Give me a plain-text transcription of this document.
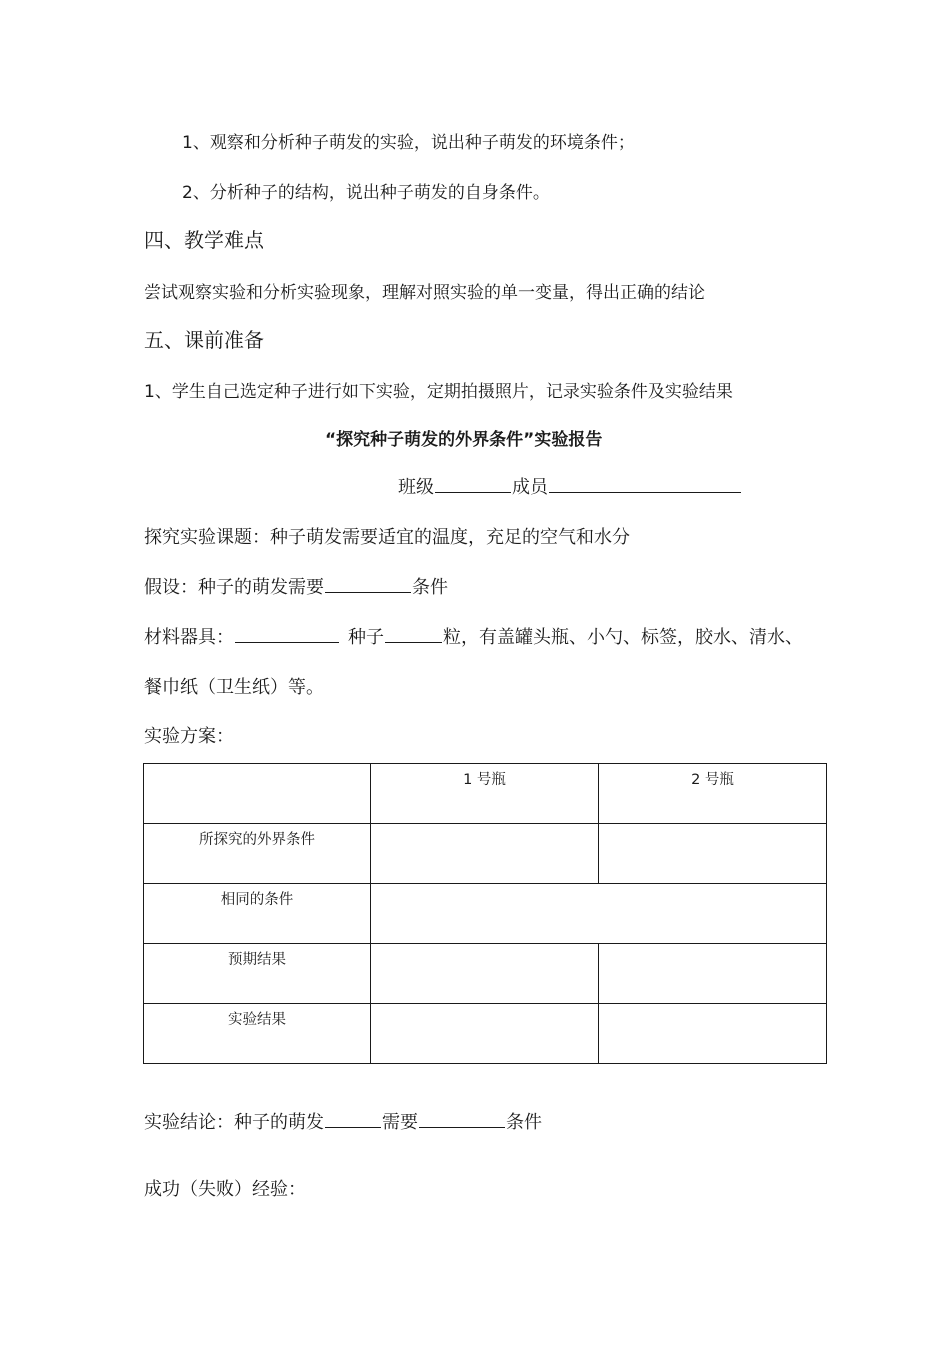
1、观察和分析种子萌发的实验，说出种子萌发的环境条件；
2、分析种子的结构，说出种子萌发的自身条件。
四、教学难点
尝试观察实验和分析实验现象，理解对照实验的单一变量，得出正确的结论
五、课前准备
1、学生自己选定种子进行如下实验，定期拍摄照片，记录实验条件及实验结果
“探究种子萌发的外界条件”实验报告
班级	成员
探究实验课题：种子萌发需要适宜的温度，充足的空气和水分
假设：种子的萌发需要	条件
材料器具：	种子	粒，有盖罐头瓶、小勺、标签，胶水、清水、
餐巾纸（卫生纸）等。
实验方案：
	1 号瓶	2 号瓶
所探究的外界条件		
相同的条件		
预期结果		
实验结果		
实验结论：种子的萌发	需要	条件
成功（失败）经验：
